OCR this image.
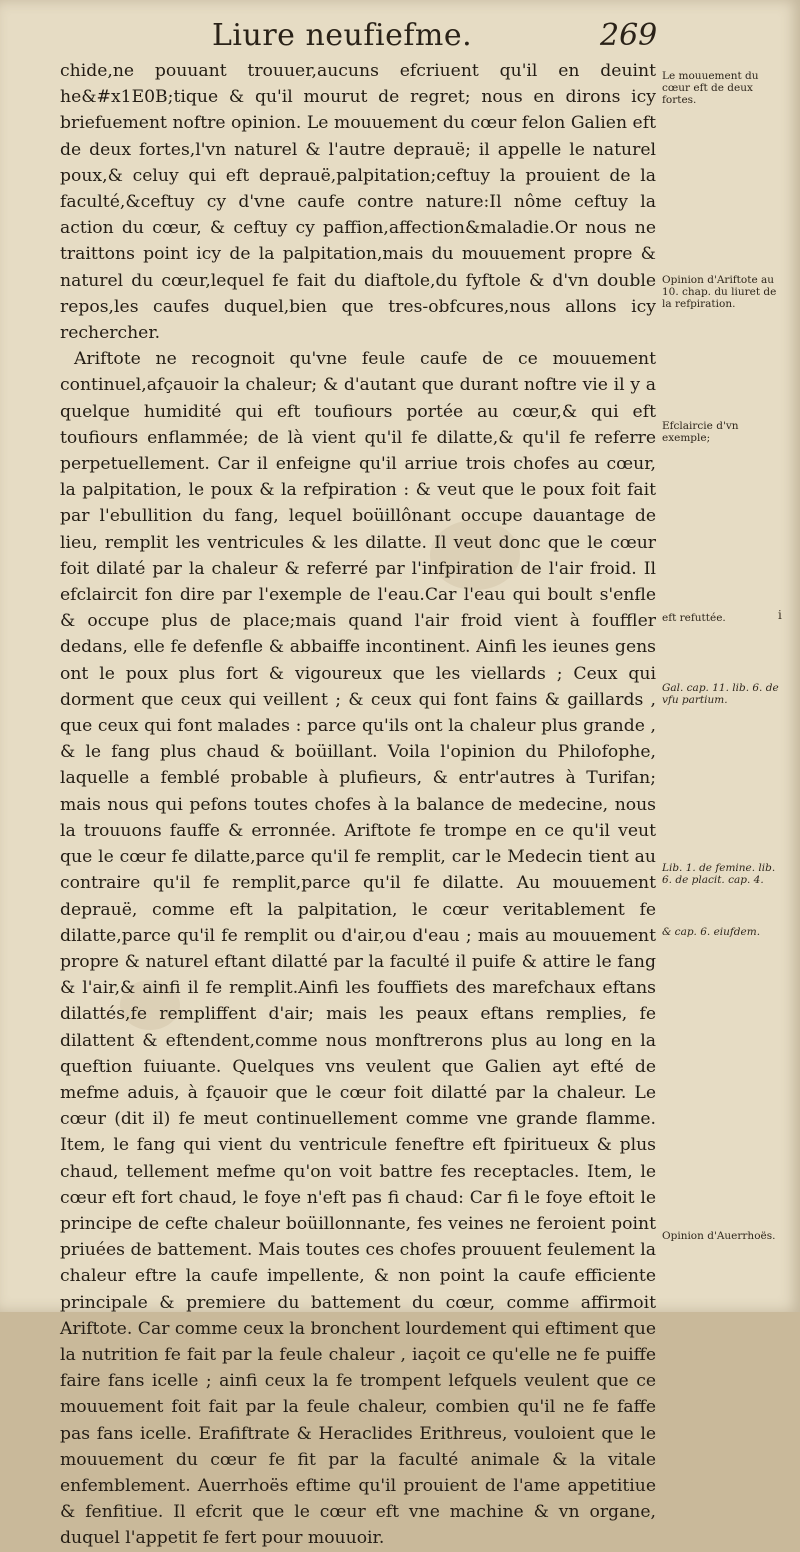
Liure neufiefme.	269

chide,ne pouuant trouuer,aucuns efcriuent qu'il en deuint he&#x1E0B;tique & qu'il mourut de regret; nous en dirons icy briefuement noftre opinion. Le mouuement du cœur felon Galien eft de deux fortes,l'vn naturel & l'autre deprauë; il appelle le naturel poux,& celuy qui eft deprauë,palpitation;ceftuy la prouient de la faculté,&ceftuy cy d'vne caufe contre nature:Il nôme ceftuy la action du cœur, & ceftuy cy paffion,affection&maladie.Or nous ne traittons point icy de la palpitation,mais du mouuement propre & naturel du cœur,lequel fe fait du diaftole,du fyftole & d'vn double repos,les caufes duquel,bien que tres-obfcures,nous allons icy rechercher.

Ariftote ne recognoit qu'vne feule caufe de ce mouuement continuel,afçauoir la chaleur; & d'autant que durant noftre vie il y a quelque humidité qui eft toufiours portée au cœur,& qui eft toufiours enflammée; de là vient qu'il fe dilatte,& qu'il fe referre perpetuellement. Car il enfeigne qu'il arriue trois chofes au cœur, la palpitation, le poux & la refpiration : & veut que le poux foit fait par l'ebullition du fang, lequel boüillônant occupe dauantage de lieu, remplit les ventricules & les dilatte. Il veut donc que le cœur foit dilaté par la chaleur & referré par l'infpiration de l'air froid. Il efclaircit fon dire par l'exemple de l'eau.Car l'eau qui boult s'enfle & occupe plus de place;mais quand l'air froid vient à fouffler dedans, elle fe defenfle & abbaiffe incontinent. Ainfi les ieunes gens ont le poux plus fort & vigoureux que les viellards ; Ceux qui dorment que ceux qui veillent ; & ceux qui font fains & gaillards , que ceux qui font malades : parce qu'ils ont la chaleur plus grande , & le fang plus chaud & boüillant. Voila l'opinion du Philofophe, laquelle a femblé probable à plufieurs, & entr'autres à Turifan; mais nous qui pefons toutes chofes à la balance de medecine, nous la trouuons fauffe & erronnée. Ariftote fe trompe en ce qu'il veut que le cœur fe dilatte,parce qu'il fe remplit, car le Medecin tient au contraire qu'il fe remplit,parce qu'il fe dilatte. Au mouuement deprauë, comme eft la palpitation, le cœur veritablement fe dilatte,parce qu'il fe remplit ou d'air,ou d'eau ; mais au mouuement propre & naturel eftant dilatté par la faculté il puife & attire le fang & l'air,& ainfi il fe remplit.Ainfi les fouffiets des marefchaux eftans dilattés,fe rempliffent d'air; mais les peaux eftans remplies, fe dilattent & eftendent,comme nous monftrerons plus au long en la queftion fuiuante. Quelques vns veulent que Galien ayt efté de mefme aduis, à fçauoir que le cœur foit dilatté par la chaleur. Le cœur (dit il) fe meut continuellement comme vne grande flamme. Item, le fang qui vient du ventricule feneftre eft fpiritueux & plus chaud, tellement mefme qu'on voit battre fes receptacles. Item, le cœur eft fort chaud, le foye n'eft pas fi chaud: Car fi le foye eftoit le principe de cefte chaleur boüillonnante, fes veines ne feroient point priuées de battement. Mais toutes ces chofes prouuent feulement la chaleur eftre la caufe impellente, & non point la caufe efficiente principale & premiere du battement du cœur, comme affirmoit Ariftote. Car comme ceux la bronchent lourdement qui eftiment que la nutrition fe fait par la feule chaleur , iaçoit ce qu'elle ne fe puiffe faire fans icelle ; ainfi ceux la fe trompent lefquels veulent que ce mouuement foit fait par la feule chaleur, combien qu'il ne fe faffe pas fans icelle. Erafiftrate & Heraclides Erithreus, vouloient que le mouuement du cœur fe fit par la faculté animale & la vitale enfemblement. Auerrhoës eftime qu'il prouient de l'ame appetitiue & fenfitiue. Il efcrit que le cœur eft vne machine & vn organe, duquel l'appetit fe fert pour mouuoir.

Le mouuement du cœur eft de deux fortes.
Opinion d'Ariftote au 10. chap. du liuret de la refpiration.
Efclaircie d'vn exemple;
eft refuttée.
Gal. cap. 11. lib. 6. de vfu partium.
Lib. 1. de femine. lib. 6. de placit. cap. 4.
& cap. 6. eiufdem.
Opinion d'Auerrhoës.
i
